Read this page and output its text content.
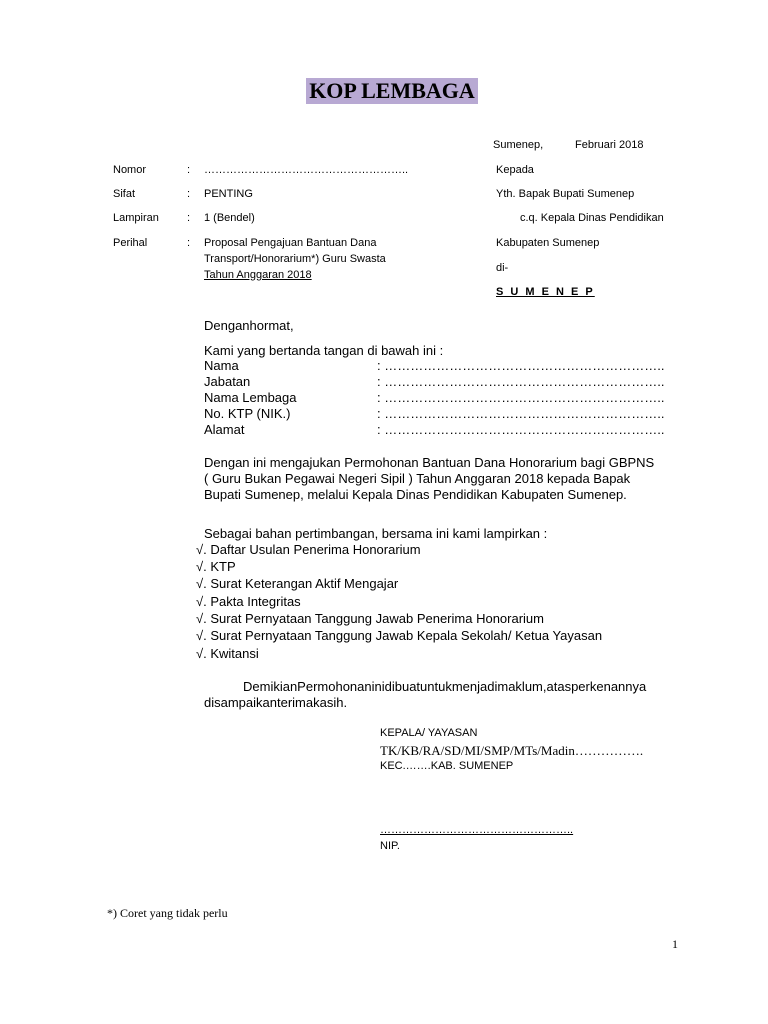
KOP LEMBAGA
Sumenep,	Februari 2018
Nomor	: ………………………………………………..
Sifat	: PENTING
Lampiran	: 1 (Bendel)
Perihal	: Proposal Pengajuan Bantuan Dana
Transport/Honorarium*) Guru Swasta
Tahun Anggaran 2018
Kepada
Yth. Bapak Bupati Sumenep
c.q. Kepala Dinas Pendidikan
Kabupaten Sumenep
di-
S U M E N E P
Denganhormat,
Kami yang bertanda tangan di bawah ini :
Nama	: ………………………………………………………..
Jabatan	: ………………………………………………………..
Nama Lembaga	: ………………………………………………………..
No. KTP (NIK.)	: ………………………………………………………..
Alamat	: ………………………………………………………..
Dengan ini mengajukan Permohonan Bantuan Dana Honorarium bagi GBPNS
( Guru Bukan Pegawai Negeri Sipil ) Tahun Anggaran 2018 kepada Bapak
Bupati Sumenep, melalui Kepala Dinas Pendidikan Kabupaten Sumenep.
Sebagai bahan pertimbangan, bersama ini kami lampirkan :
√. Daftar Usulan Penerima Honorarium
√. KTP
√. Surat Keterangan Aktif Mengajar
√. Pakta Integritas
√. Surat Pernyataan Tanggung Jawab Penerima Honorarium
√. Surat Pernyataan Tanggung Jawab Kepala Sekolah/ Ketua Yayasan
√. Kwitansi
DemikianPermohonaninidibuatuntukmenjadimaklum,atasperkenannya
disampaikanterimakasih.
KEPALA/ YAYASAN
TK/KB/RA/SD/MI/SMP/MTs/Madin…………….
KEC.…….KAB. SUMENEP
……………………………………………..
NIP.
*) Coret yang tidak perlu
1
